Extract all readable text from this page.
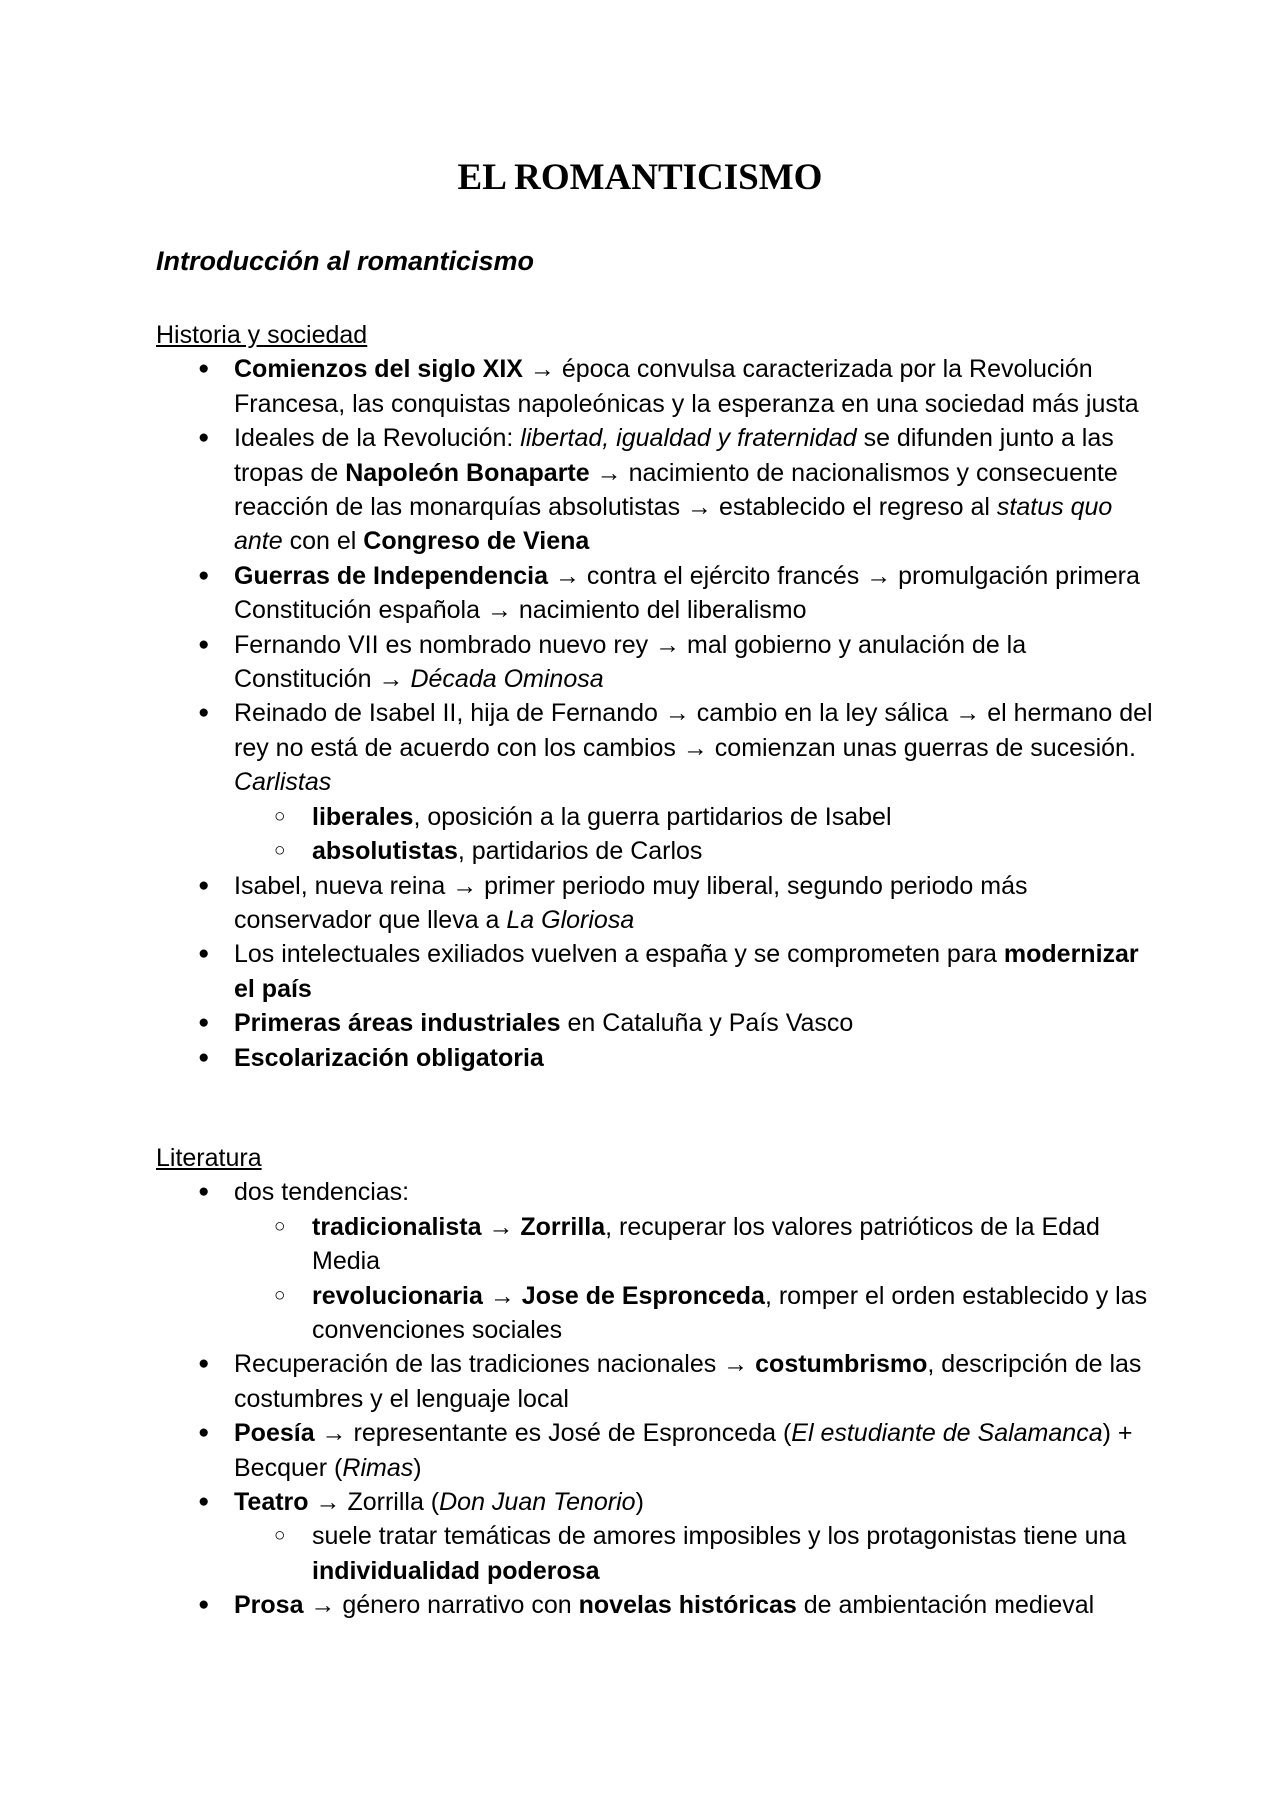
EL ROMANTICISMO
Introducción al romanticismo
Historia y sociedad
● Comienzos del siglo XIX → época convulsa caracterizada por la Revolución Francesa, las conquistas napoleónicas y la esperanza en una sociedad más justa
● Ideales de la Revolución: libertad, igualdad y fraternidad se difunden junto a las tropas de Napoleón Bonaparte → nacimiento de nacionalismos y consecuente reacción de las monarquías absolutistas → establecido el regreso al status quo ante con el Congreso de Viena
● Guerras de Independencia → contra el ejército francés → promulgación primera Constitución española → nacimiento del liberalismo
● Fernando VII es nombrado nuevo rey → mal gobierno y anulación de la Constitución → Década Ominosa
● Reinado de Isabel II, hija de Fernando → cambio en la ley sálica → el hermano del rey no está de acuerdo con los cambios → comienzan unas guerras de sucesión. Carlistas
○ liberales, oposición a la guerra partidarios de Isabel
○ absolutistas, partidarios de Carlos
● Isabel, nueva reina → primer periodo muy liberal, segundo periodo más conservador que lleva a La Gloriosa
● Los intelectuales exiliados vuelven a españa y se comprometen para modernizar el país
● Primeras áreas industriales en Cataluña y País Vasco
● Escolarización obligatoria
Literatura
● dos tendencias:
○ tradicionalista → Zorrilla, recuperar los valores patrióticos de la Edad Media
○ revolucionaria → Jose de Espronceda, romper el orden establecido y las convenciones sociales
● Recuperación de las tradiciones nacionales → costumbrismo, descripción de las costumbres y el lenguaje local
● Poesía → representante es José de Espronceda (El estudiante de Salamanca) + Becquer (Rimas)
● Teatro → Zorrilla (Don Juan Tenorio)
○ suele tratar temáticas de amores imposibles y los protagonistas tiene una individualidad poderosa
● Prosa → género narrativo con novelas históricas de ambientación medieval
